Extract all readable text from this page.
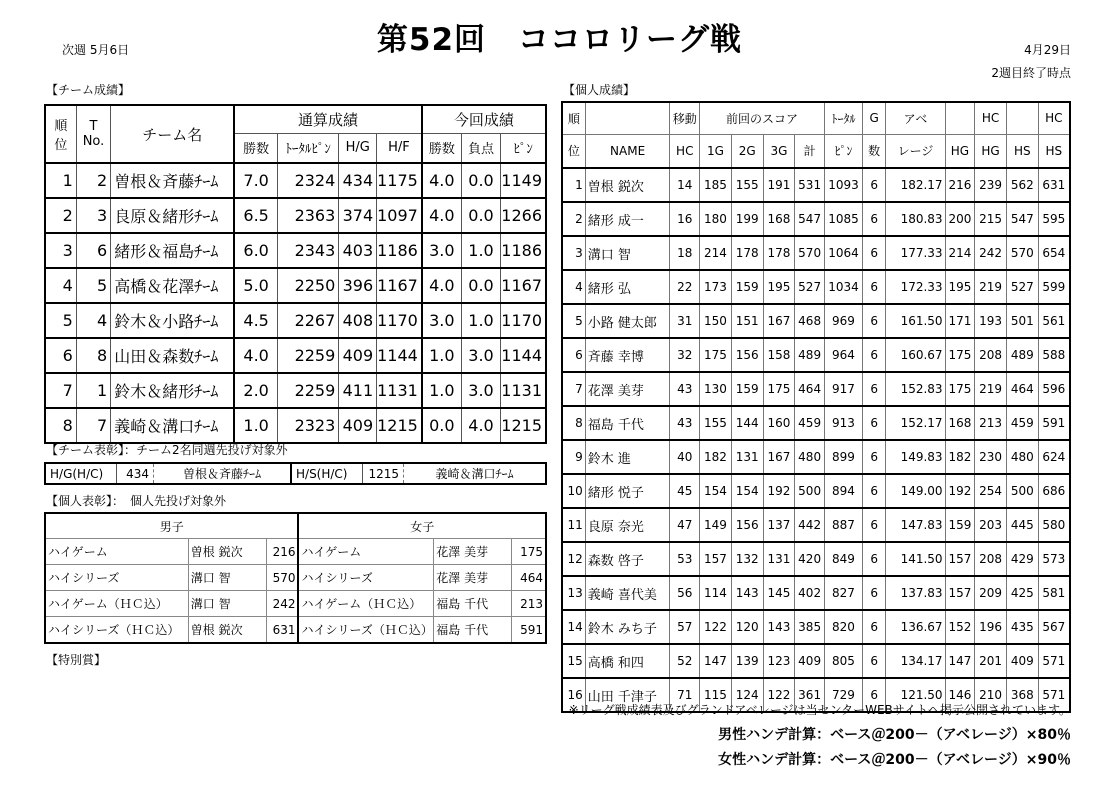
第52回　ココロリーグ戦
次週 5月6日	4月29日
2週目終了時点
【チーム成績】
順
位	T
No.	チーム名	通算成績				今回成績		
			勝数	ﾄｰﾀﾙﾋﾟﾝ	H/G	H/F	勝数	負点	ﾋﾟﾝ
1	2	曽根＆斉藤ﾁｰﾑ	7.0	2324	434	1175	4.0	0.0	1149
2	3	良原＆緒形ﾁｰﾑ	6.5	2363	374	1097	4.0	0.0	1266
3	6	緒形＆福島ﾁｰﾑ	6.0	2343	403	1186	3.0	1.0	1186
4	5	高橋＆花澤ﾁｰﾑ	5.0	2250	396	1167	4.0	0.0	1167
5	4	鈴木＆小路ﾁｰﾑ	4.5	2267	408	1170	3.0	1.0	1170
6	8	山田＆森数ﾁｰﾑ	4.0	2259	409	1144	1.0	3.0	1144
7	1	鈴木＆緒形ﾁｰﾑ	2.0	2259	411	1131	1.0	3.0	1131
8	7	義崎＆溝口ﾁｰﾑ	1.0	2323	409	1215	0.0	4.0	1215
【チーム表彰】：チーム2名同週先投げ対象外
H/G(H/C)	434	曽根＆斉藤ﾁｰﾑ	H/S(H/C)	1215	義崎＆溝口ﾁｰﾑ
【個人表彰】：　個人先投げ対象外
男子			女子		
ハイゲーム	曽根 鋭次	216	ハイゲーム	花澤 美芽	175
ハイシリーズ	溝口 智	570	ハイシリーズ	花澤 美芽	464
ハイゲーム（ＨＣ込）	溝口 智	242	ハイゲーム（ＨＣ込）	福島 千代	213
ハイシリーズ（ＨＣ込）	曽根 鋭次	631	ハイシリーズ（ＨＣ込）	福島 千代	591
【特別賞】
【個人成績】
順		移動	前回のスコア				ﾄｰﾀﾙ	G	アベ		HC		HC
位	NAME	HC	1G	2G	3G	計	ﾋﾟﾝ	数	レージ	HG	HG	HS	HS
1	曽根 鋭次	14	185	155	191	531	1093	6	182.17	216	239	562	631
2	緒形 成一	16	180	199	168	547	1085	6	180.83	200	215	547	595
3	溝口 智	18	214	178	178	570	1064	6	177.33	214	242	570	654
4	緒形 弘	22	173	159	195	527	1034	6	172.33	195	219	527	599
5	小路 健太郎	31	150	151	167	468	969	6	161.50	171	193	501	561
6	斉藤 幸博	32	175	156	158	489	964	6	160.67	175	208	489	588
7	花澤 美芽	43	130	159	175	464	917	6	152.83	175	219	464	596
8	福島 千代	43	155	144	160	459	913	6	152.17	168	213	459	591
9	鈴木 進	40	182	131	167	480	899	6	149.83	182	230	480	624
10	緒形 悦子	45	154	154	192	500	894	6	149.00	192	254	500	686
11	良原 奈光	47	149	156	137	442	887	6	147.83	159	203	445	580
12	森数 啓子	53	157	132	131	420	849	6	141.50	157	208	429	573
13	義崎 喜代美	56	114	143	145	402	827	6	137.83	157	209	425	581
14	鈴木 みち子	57	122	120	143	385	820	6	136.67	152	196	435	567
15	高橋 和四	52	147	139	123	409	805	6	134.17	147	201	409	571
16	山田 千津子	71	115	124	122	361	729	6	121.50	146	210	368	571
※リーグ戦成績表及びグランドアベレージは当センターWEBサイトへ掲示公開されています。
男性ハンデ計算：ベース＠200－（アベレージ）×80％
女性ハンデ計算：ベース＠200－（アベレージ）×90％
